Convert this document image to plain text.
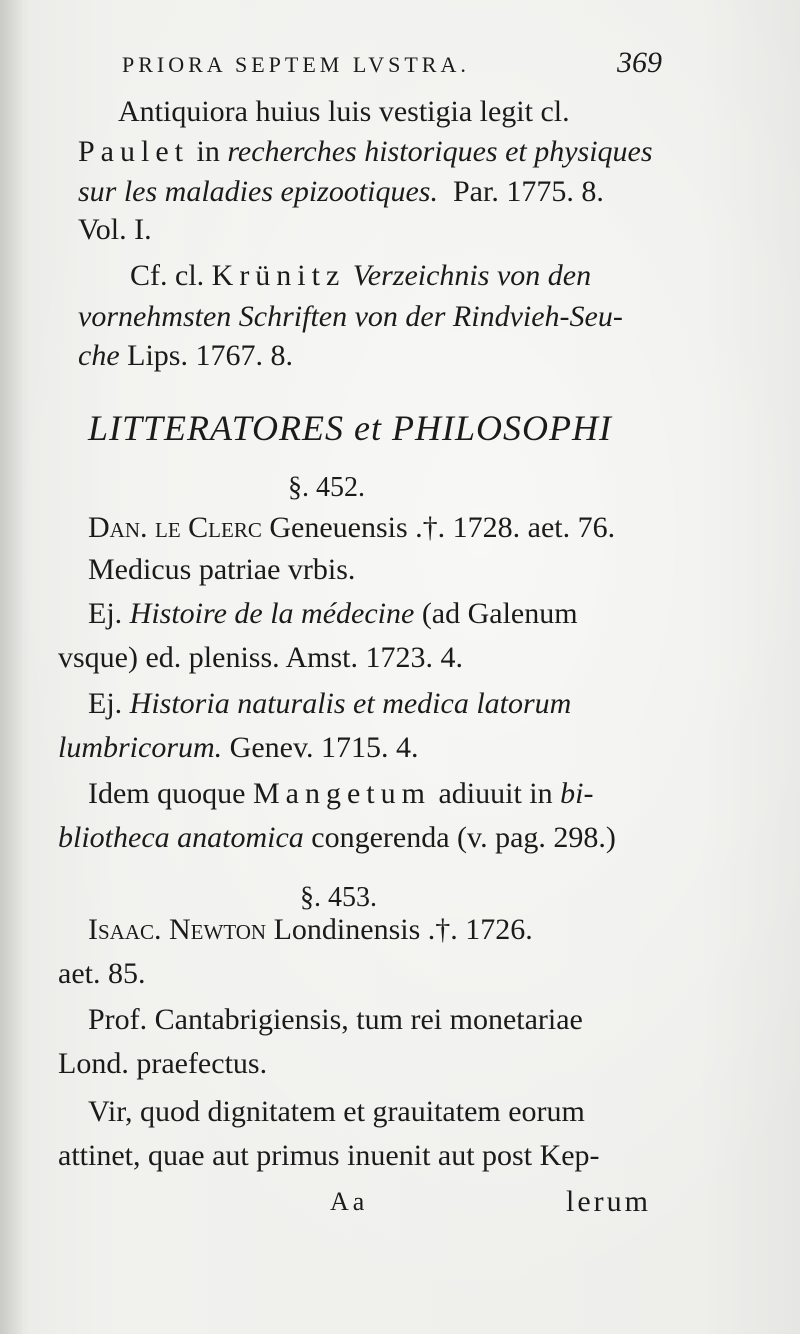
PRIORA SEPTEM LVSTRA.	369
Antiquiora huius luis vestigia legit cl.
Paulet in recherches historiques et physiques
sur les maladies epizootiques.  Par. 1775. 8.
Vol. I.
Cf. cl. Krünitz Verzeichnis von den
vornehmsten Schriften von der Rindvieh-Seu-
che Lips. 1767. 8.
LITTERATORES et PHILOSOPHI
§. 452.
Dan. le Clerc Geneuensis .†. 1728. aet. 76.
Medicus patriae vrbis.
Ej. Histoire de la médecine (ad Galenum
vsque) ed. pleniss. Amst. 1723. 4.
Ej. Historia naturalis et medica latorum
lumbricorum. Genev. 1715. 4.
Idem quoque Mangetum adiuuit in bi-
bliotheca anatomica congerenda (v. pag. 298.)
§. 453.
Isaac. Newton Londinensis .†. 1726.
aet. 85.
Prof. Cantabrigiensis, tum rei monetariae
Lond. praefectus.
Vir, quod dignitatem et grauitatem eorum
attinet, quae aut primus inuenit aut post Kep-
Aa	lerum
